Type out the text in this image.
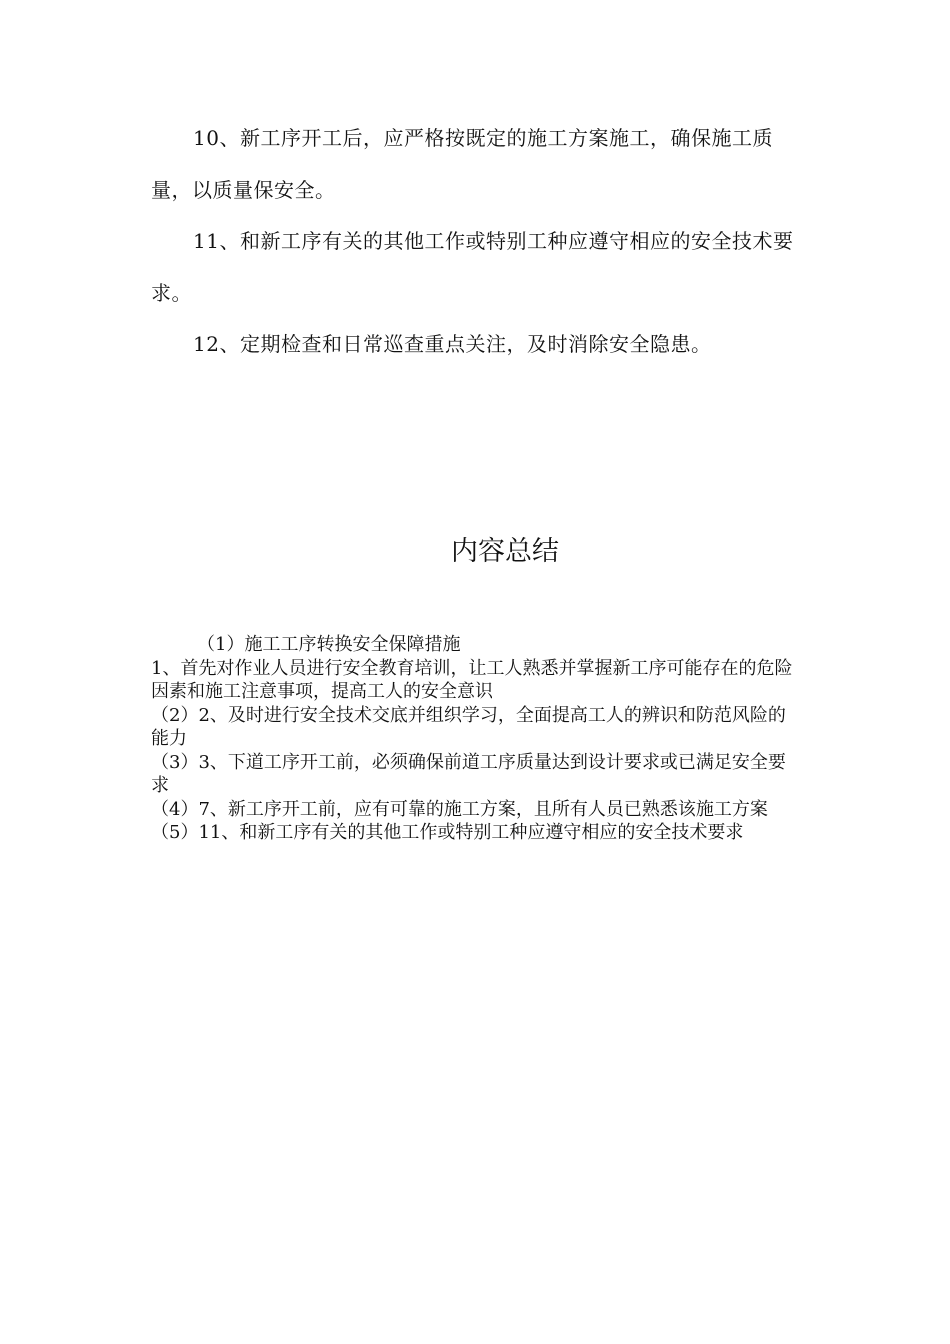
10、新工序开工后，应严格按既定的施工方案施工，确保施工质量，以质量保安全。

11、和新工序有关的其他工作或特别工种应遵守相应的安全技术要求。

12、定期检查和日常巡查重点关注，及时消除安全隐患。

内容总结

（1）施工工序转换安全保障措施

1、首先对作业人员进行安全教育培训，让工人熟悉并掌握新工序可能存在的危险因素和施工注意事项，提高工人的安全意识

（2）2、及时进行安全技术交底并组织学习，全面提高工人的辨识和防范风险的能力

（3）3、下道工序开工前，必须确保前道工序质量达到设计要求或已满足安全要求

（4）7、新工序开工前，应有可靠的施工方案，且所有人员已熟悉该施工方案

（5）11、和新工序有关的其他工作或特别工种应遵守相应的安全技术要求
